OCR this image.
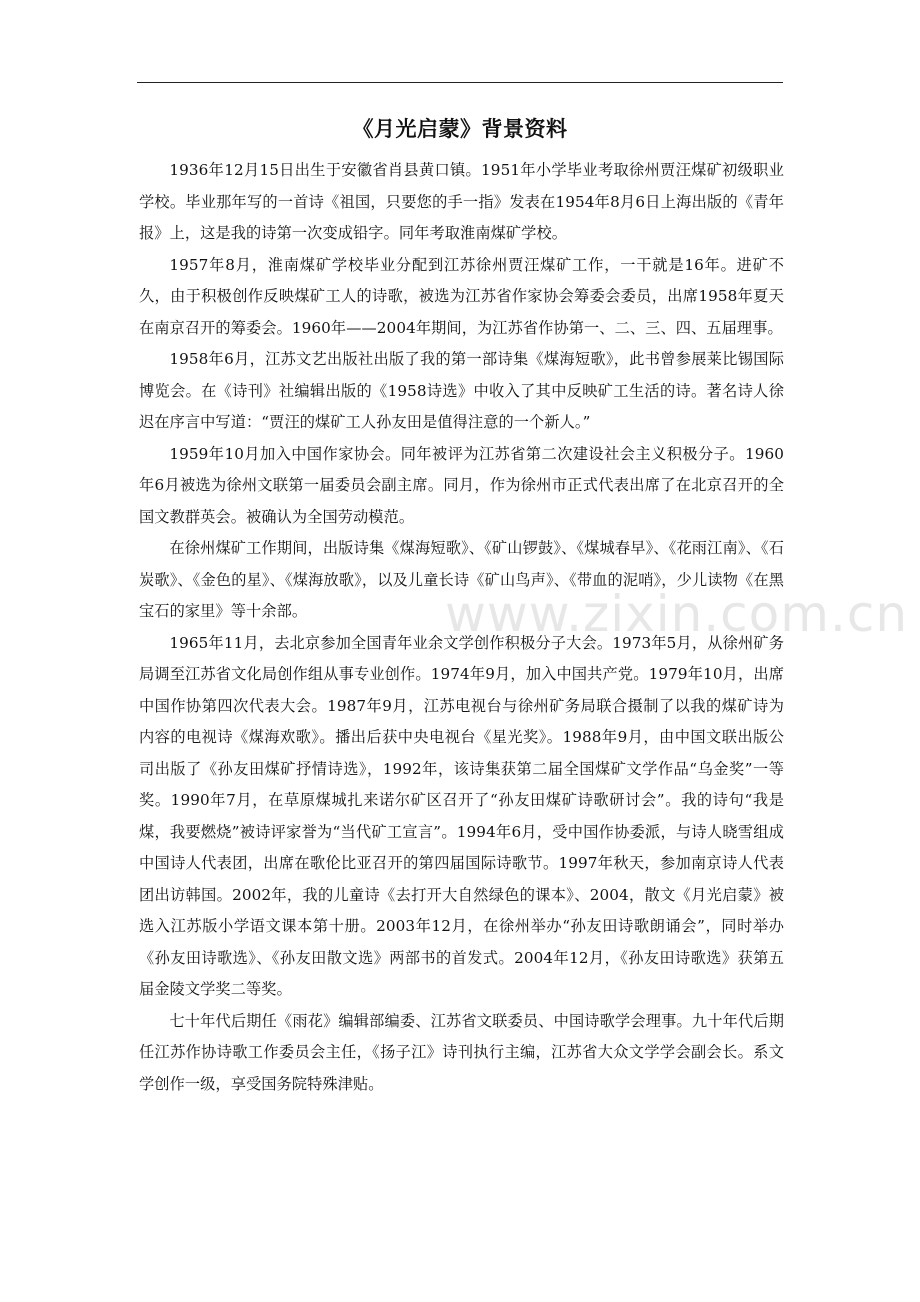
《月光启蒙》背景资料

1936年12月15日出生于安徽省肖县黄口镇。1951年小学毕业考取徐州贾汪煤矿初级职业学校。毕业那年写的一首诗《祖国，只要您的手一指》发表在1954年8月6日上海出版的《青年报》上，这是我的诗第一次变成铅字。同年考取淮南煤矿学校。

1957年8月，淮南煤矿学校毕业分配到江苏徐州贾汪煤矿工作，一干就是16年。进矿不久，由于积极创作反映煤矿工人的诗歌，被选为江苏省作家协会筹委会委员，出席1958年夏天在南京召开的筹委会。1960年——2004年期间，为江苏省作协第一、二、三、四、五届理事。

1958年6月，江苏文艺出版社出版了我的第一部诗集《煤海短歌》，此书曾参展莱比锡国际博览会。在《诗刊》社编辑出版的《1958诗选》中收入了其中反映矿工生活的诗。著名诗人徐迟在序言中写道：“贾汪的煤矿工人孙友田是值得注意的一个新人。”

1959年10月加入中国作家协会。同年被评为江苏省第二次建设社会主义积极分子。1960年6月被选为徐州文联第一届委员会副主席。同月，作为徐州市正式代表出席了在北京召开的全国文教群英会。被确认为全国劳动模范。

在徐州煤矿工作期间，出版诗集《煤海短歌》、《矿山锣鼓》、《煤城春早》、《花雨江南》、《石炭歌》、《金色的星》、《煤海放歌》，以及儿童长诗《矿山鸟声》、《带血的泥哨》，少儿读物《在黑宝石的家里》等十余部。

1965年11月，去北京参加全国青年业余文学创作积极分子大会。1973年5月，从徐州矿务局调至江苏省文化局创作组从事专业创作。1974年9月，加入中国共产党。1979年10月，出席中国作协第四次代表大会。1987年9月，江苏电视台与徐州矿务局联合摄制了以我的煤矿诗为内容的电视诗《煤海欢歌》。播出后获中央电视台《星光奖》。1988年9月，由中国文联出版公司出版了《孙友田煤矿抒情诗选》，1992年，该诗集获第二届全国煤矿文学作品“乌金奖”一等奖。1990年7月，在草原煤城扎来诺尔矿区召开了“孙友田煤矿诗歌研讨会”。我的诗句“我是煤，我要燃烧”被诗评家誉为“当代矿工宣言”。1994年6月，受中国作协委派，与诗人晓雪组成中国诗人代表团，出席在歌伦比亚召开的第四届国际诗歌节。1997年秋天，参加南京诗人代表团出访韩国。2002年，我的儿童诗《去打开大自然绿色的课本》、2004，散文《月光启蒙》被选入江苏版小学语文课本第十册。2003年12月，在徐州举办“孙友田诗歌朗诵会”，同时举办《孙友田诗歌选》、《孙友田散文选》两部书的首发式。2004年12月，《孙友田诗歌选》获第五届金陵文学奖二等奖。

七十年代后期任《雨花》编辑部编委、江苏省文联委员、中国诗歌学会理事。九十年代后期任江苏作协诗歌工作委员会主任，《扬子江》诗刊执行主编，江苏省大众文学学会副会长。系文学创作一级，享受国务院特殊津贴。

www.zixin.com.cn
